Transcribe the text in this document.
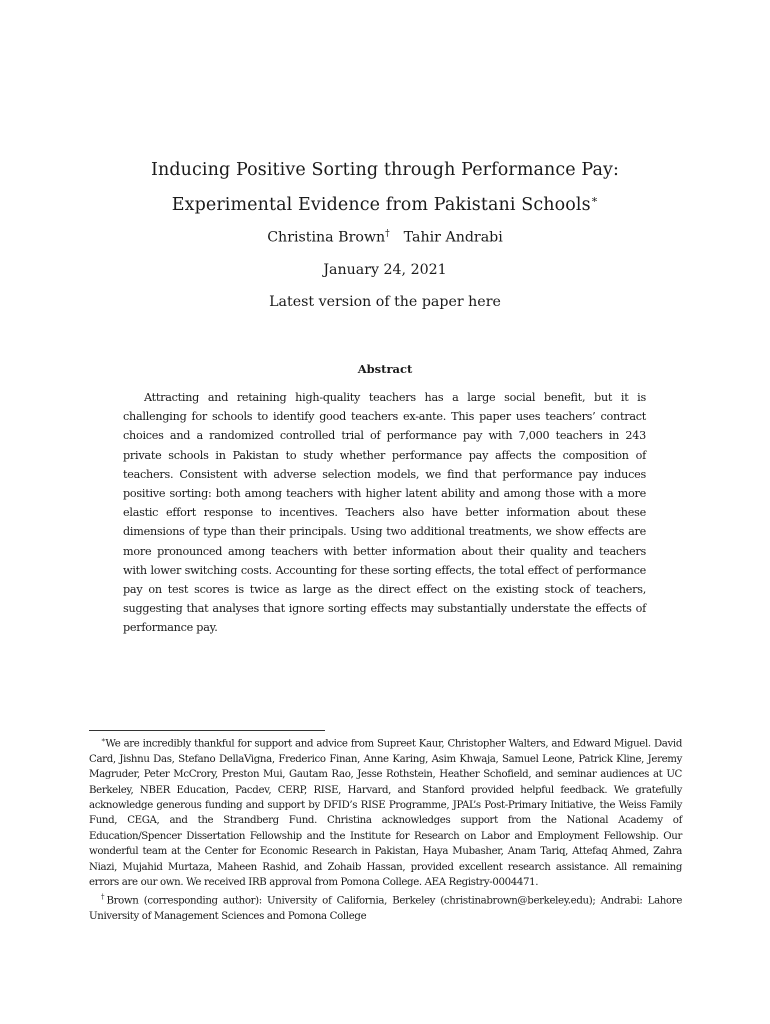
Inducing Positive Sorting through Performance Pay:
Experimental Evidence from Pakistani Schools∗
Christina Brown† Tahir Andrabi
January 24, 2021
Latest version of the paper here
Abstract
Attracting and retaining high-quality teachers has a large social benefit, but it is challenging for schools to identify good teachers ex-ante. This paper uses teachers’ contract choices and a randomized controlled trial of performance pay with 7,000 teachers in 243 private schools in Pakistan to study whether performance pay affects the composition of teachers. Consistent with adverse selection models, we find that performance pay induces positive sorting: both among teachers with higher latent ability and among those with a more elastic effort response to incentives. Teachers also have better information about these dimensions of type than their principals. Using two additional treatments, we show effects are more pronounced among teachers with better information about their quality and teachers with lower switching costs. Accounting for these sorting effects, the total effect of performance pay on test scores is twice as large as the direct effect on the existing stock of teachers, suggesting that analyses that ignore sorting effects may substantially understate the effects of performance pay.

∗We are incredibly thankful for support and advice from Supreet Kaur, Christopher Walters, and Edward Miguel. David Card, Jishnu Das, Stefano DellaVigna, Frederico Finan, Anne Karing, Asim Khwaja, Samuel Leone, Patrick Kline, Jeremy Magruder, Peter McCrory, Preston Mui, Gautam Rao, Jesse Rothstein, Heather Schofield, and seminar audiences at UC Berkeley, NBER Education, Pacdev, CERP, RISE, Harvard, and Stanford provided helpful feedback. We gratefully acknowledge generous funding and support by DFID’s RISE Programme, JPAL’s Post-Primary Initiative, the Weiss Family Fund, CEGA, and the Strandberg Fund. Christina acknowledges support from the National Academy of Education/Spencer Dissertation Fellowship and the Institute for Research on Labor and Employment Fellowship. Our wonderful team at the Center for Economic Research in Pakistan, Haya Mubasher, Anam Tariq, Attefaq Ahmed, Zahra Niazi, Mujahid Murtaza, Maheen Rashid, and Zohaib Hassan, provided excellent research assistance. All remaining errors are our own. We received IRB approval from Pomona College. AEA Registry-0004471.

†Brown (corresponding author): University of California, Berkeley (christinabrown@berkeley.edu); Andrabi: Lahore University of Management Sciences and Pomona College
